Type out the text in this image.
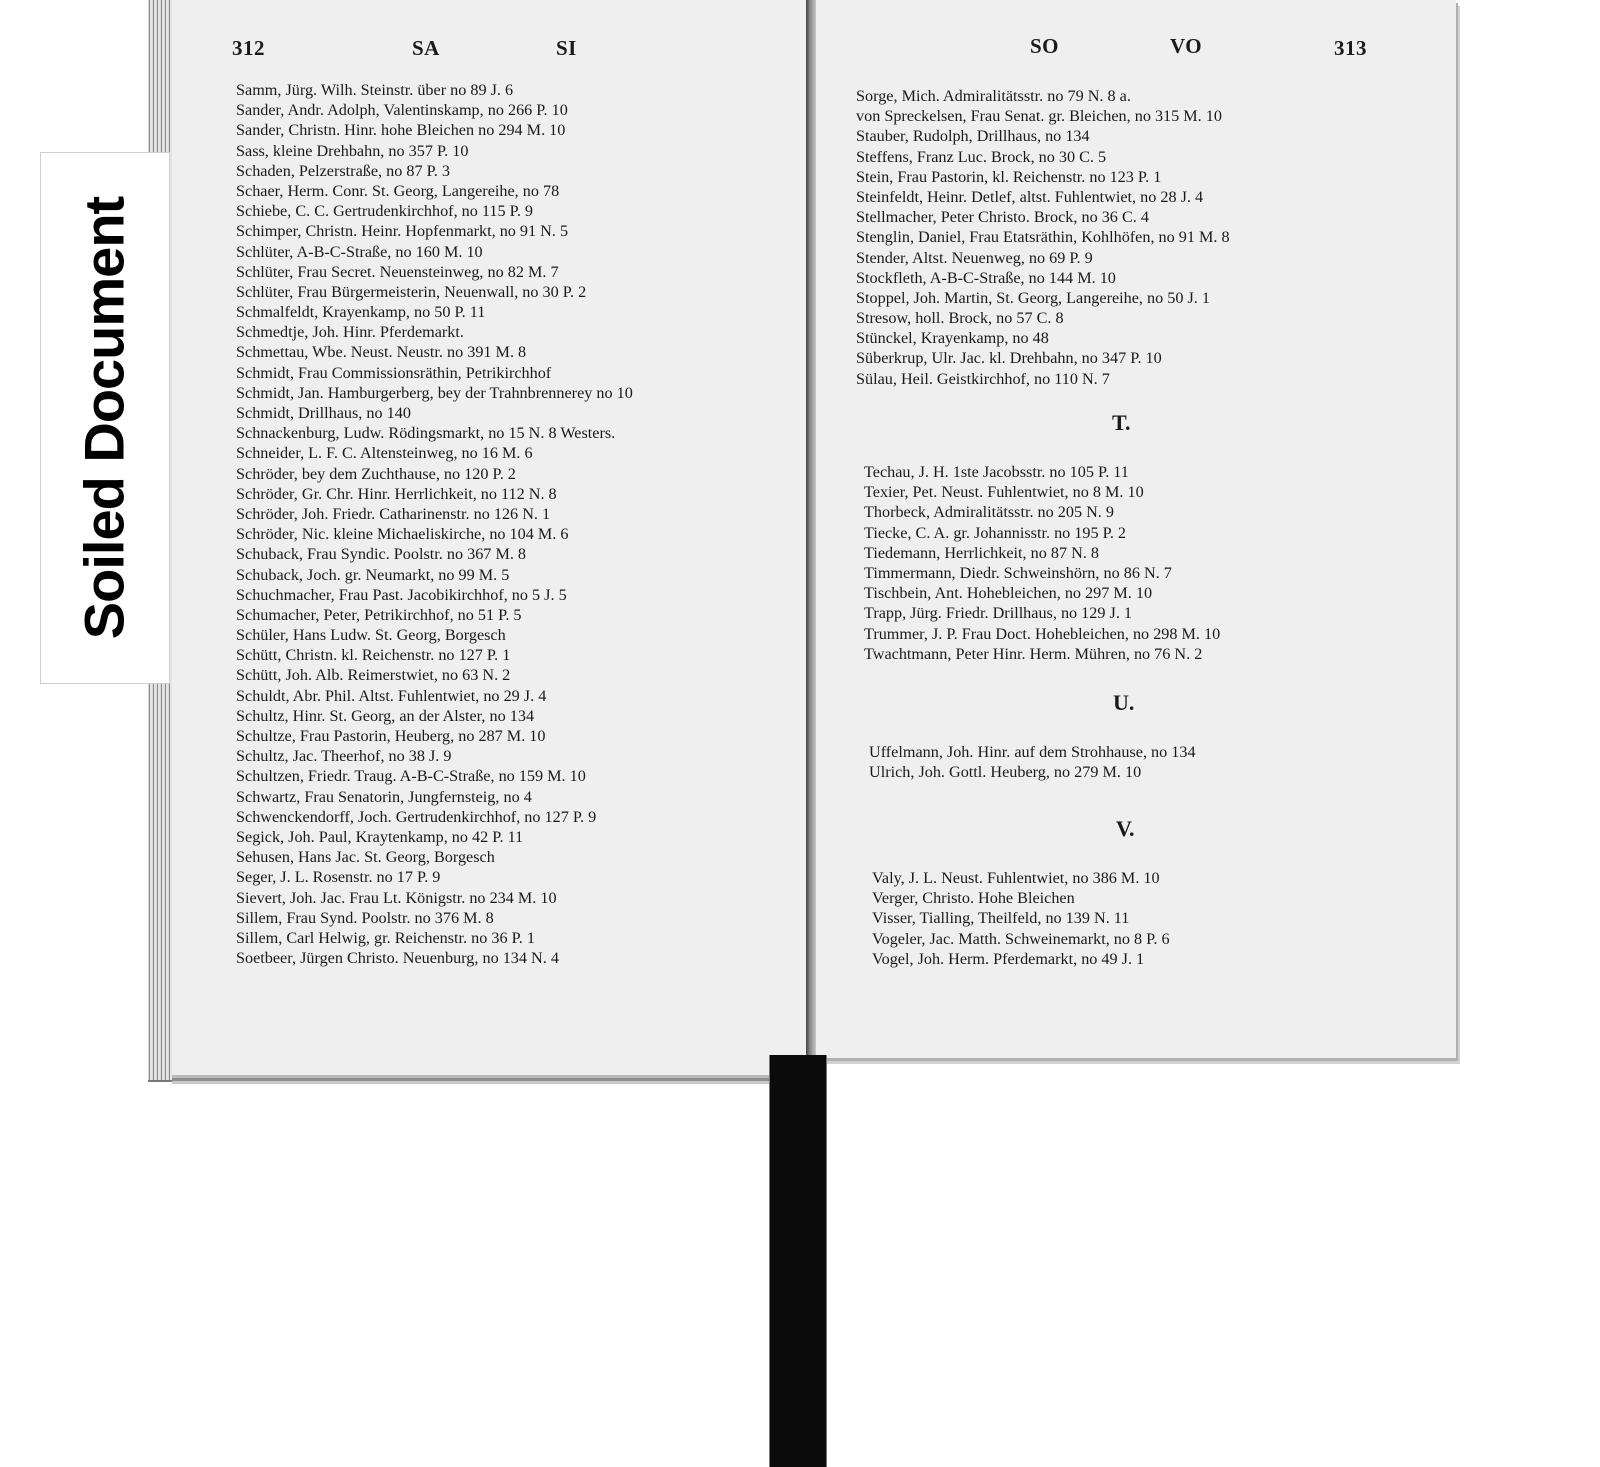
Soiled Document
312	SA	SI	SO	VO	313
Samm, Jürg. Wilh. Steinstr. über no 89 J. 6
Sander, Andr. Adolph, Valentinskamp, no 266 P. 10
Sander, Christn. Hinr. hohe Bleichen no 294 M. 10
Sass, kleine Drehbahn, no 357 P. 10
Schaden, Pelzerstraße, no 87 P. 3
Schaer, Herm. Conr. St. Georg, Langereihe, no 78
Schiebe, C. C. Gertrudenkirchhof, no 115 P. 9
Schimper, Christn. Heinr. Hopfenmarkt, no 91 N. 5
Schlüter, A-B-C-Straße, no 160 M. 10
Schlüter, Frau Secret. Neuensteinweg, no 82 M. 7
Schlüter, Frau Bürgermeisterin, Neuenwall, no 30 P. 2
Schmalfeldt, Krayenkamp, no 50 P. 11
Schmedtje, Joh. Hinr. Pferdemarkt.
Schmettau, Wbe. Neust. Neustr. no 391 M. 8
Schmidt, Frau Commissionsräthin, Petrikirchhof
Schmidt, Jan. Hamburgerberg, bey der Trahnbrennerey no 10
Schmidt, Drillhaus, no 140
Schnackenburg, Ludw. Rödingsmarkt, no 15 N. 8 Westers.
Schneider, L. F. C. Altensteinweg, no 16 M. 6
Schröder, bey dem Zuchthause, no 120 P. 2
Schröder, Gr. Chr. Hinr. Herrlichkeit, no 112 N. 8
Schröder, Joh. Friedr. Catharinenstr. no 126 N. 1
Schröder, Nic. kleine Michaeliskirche, no 104 M. 6
Schuback, Frau Syndic. Poolstr. no 367 M. 8
Schuback, Joch. gr. Neumarkt, no 99 M. 5
Schuchmacher, Frau Past. Jacobikirchhof, no 5 J. 5
Schumacher, Peter, Petrikirchhof, no 51 P. 5
Schüler, Hans Ludw. St. Georg, Borgesch
Schütt, Christn. kl. Reichenstr. no 127 P. 1
Schütt, Joh. Alb. Reimerstwiet, no 63 N. 2
Schuldt, Abr. Phil. Altst. Fuhlentwiet, no 29 J. 4
Schultz, Hinr. St. Georg, an der Alster, no 134
Schultze, Frau Pastorin, Heuberg, no 287 M. 10
Schultz, Jac. Theerhof, no 38 J. 9
Schultzen, Friedr. Traug. A-B-C-Straße, no 159 M. 10
Schwartz, Frau Senatorin, Jungfernsteig, no 4
Schwenckendorff, Joch. Gertrudenkirchhof, no 127 P. 9
Segick, Joh. Paul, Kraytenkamp, no 42 P. 11
Sehusen, Hans Jac. St. Georg, Borgesch
Seger, J. L. Rosenstr. no 17 P. 9
Sievert, Joh. Jac. Frau Lt. Königstr. no 234 M. 10
Sillem, Frau Synd. Poolstr. no 376 M. 8
Sillem, Carl Helwig, gr. Reichenstr. no 36 P. 1
Soetbeer, Jürgen Christo. Neuenburg, no 134 N. 4
Sorge, Mich. Admiralitätsstr. no 79 N. 8 a.
von Spreckelsen, Frau Senat. gr. Bleichen, no 315 M. 10
Stauber, Rudolph, Drillhaus, no 134
Steffens, Franz Luc. Brock, no 30 C. 5
Stein, Frau Pastorin, kl. Reichenstr. no 123 P. 1
Steinfeldt, Heinr. Detlef, altst. Fuhlentwiet, no 28 J. 4
Stellmacher, Peter Christo. Brock, no 36 C. 4
Stenglin, Daniel, Frau Etatsräthin, Kohlhöfen, no 91 M. 8
Stender, Altst. Neuenweg, no 69 P. 9
Stockfleth, A-B-C-Straße, no 144 M. 10
Stoppel, Joh. Martin, St. Georg, Langereihe, no 50 J. 1
Stresow, holl. Brock, no 57 C. 8
Stünckel, Krayenkamp, no 48
Süberkrup, Ulr. Jac. kl. Drehbahn, no 347 P. 10
Sülau, Heil. Geistkirchhof, no 110 N. 7
T.
Techau, J. H. 1ste Jacobsstr. no 105 P. 11
Texier, Pet. Neust. Fuhlentwiet, no 8 M. 10
Thorbeck, Admiralitätsstr. no 205 N. 9
Tiecke, C. A. gr. Johannisstr. no 195 P. 2
Tiedemann, Herrlichkeit, no 87 N. 8
Timmermann, Diedr. Schweinshörn, no 86 N. 7
Tischbein, Ant. Hohebleichen, no 297 M. 10
Trapp, Jürg. Friedr. Drillhaus, no 129 J. 1
Trummer, J. P. Frau Doct. Hohebleichen, no 298 M. 10
Twachtmann, Peter Hinr. Herm. Mühren, no 76 N. 2
U.
Uffelmann, Joh. Hinr. auf dem Strohhause, no 134
Ulrich, Joh. Gottl. Heuberg, no 279 M. 10
V.
Valy, J. L. Neust. Fuhlentwiet, no 386 M. 10
Verger, Christo. Hohe Bleichen
Visser, Tialling, Theilfeld, no 139 N. 11
Vogeler, Jac. Matth. Schweinemarkt, no 8 P. 6
Vogel, Joh. Herm. Pferdemarkt, no 49 J. 1
